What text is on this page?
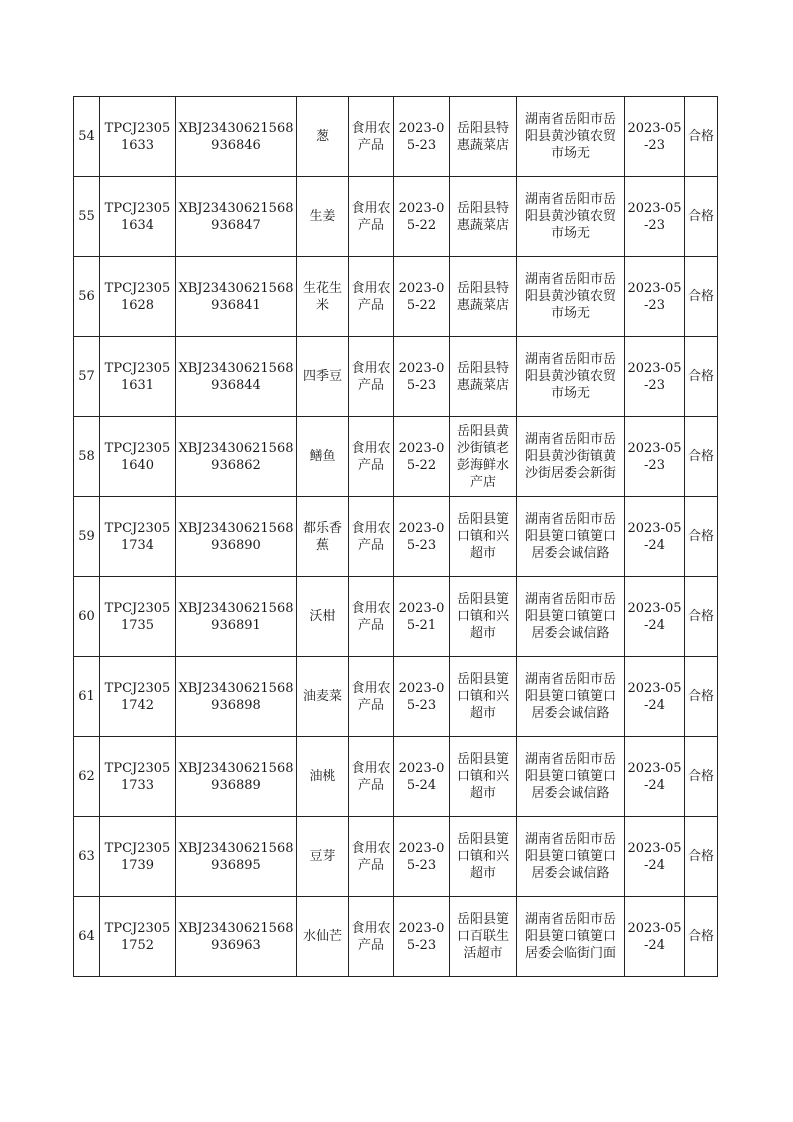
54	TPCJ23051633	XBJ23430621568936846	葱	食用农产品	2023-05-23	岳阳县特惠蔬菜店	湖南省岳阳市岳阳县黄沙镇农贸市场无	2023-05-23	合格
55	TPCJ23051634	XBJ23430621568936847	生姜	食用农产品	2023-05-22	岳阳县特惠蔬菜店	湖南省岳阳市岳阳县黄沙镇农贸市场无	2023-05-23	合格
56	TPCJ23051628	XBJ23430621568936841	生花生米	食用农产品	2023-05-22	岳阳县特惠蔬菜店	湖南省岳阳市岳阳县黄沙镇农贸市场无	2023-05-23	合格
57	TPCJ23051631	XBJ23430621568936844	四季豆	食用农产品	2023-05-23	岳阳县特惠蔬菜店	湖南省岳阳市岳阳县黄沙镇农贸市场无	2023-05-23	合格
58	TPCJ23051640	XBJ23430621568936862	鳝鱼	食用农产品	2023-05-22	岳阳县黄沙街镇老彭海鲜水产店	湖南省岳阳市岳阳县黄沙街镇黄沙街居委会新街	2023-05-23	合格
59	TPCJ23051734	XBJ23430621568936890	都乐香蕉	食用农产品	2023-05-23	岳阳县筻口镇和兴超市	湖南省岳阳市岳阳县筻口镇筻口居委会诚信路	2023-05-24	合格
60	TPCJ23051735	XBJ23430621568936891	沃柑	食用农产品	2023-05-21	岳阳县筻口镇和兴超市	湖南省岳阳市岳阳县筻口镇筻口居委会诚信路	2023-05-24	合格
61	TPCJ23051742	XBJ23430621568936898	油麦菜	食用农产品	2023-05-23	岳阳县筻口镇和兴超市	湖南省岳阳市岳阳县筻口镇筻口居委会诚信路	2023-05-24	合格
62	TPCJ23051733	XBJ23430621568936889	油桃	食用农产品	2023-05-24	岳阳县筻口镇和兴超市	湖南省岳阳市岳阳县筻口镇筻口居委会诚信路	2023-05-24	合格
63	TPCJ23051739	XBJ23430621568936895	豆芽	食用农产品	2023-05-23	岳阳县筻口镇和兴超市	湖南省岳阳市岳阳县筻口镇筻口居委会诚信路	2023-05-24	合格
64	TPCJ23051752	XBJ23430621568936963	水仙芒	食用农产品	2023-05-23	岳阳县筻口百联生活超市	湖南省岳阳市岳阳县筻口镇筻口居委会临街门面	2023-05-24	合格
